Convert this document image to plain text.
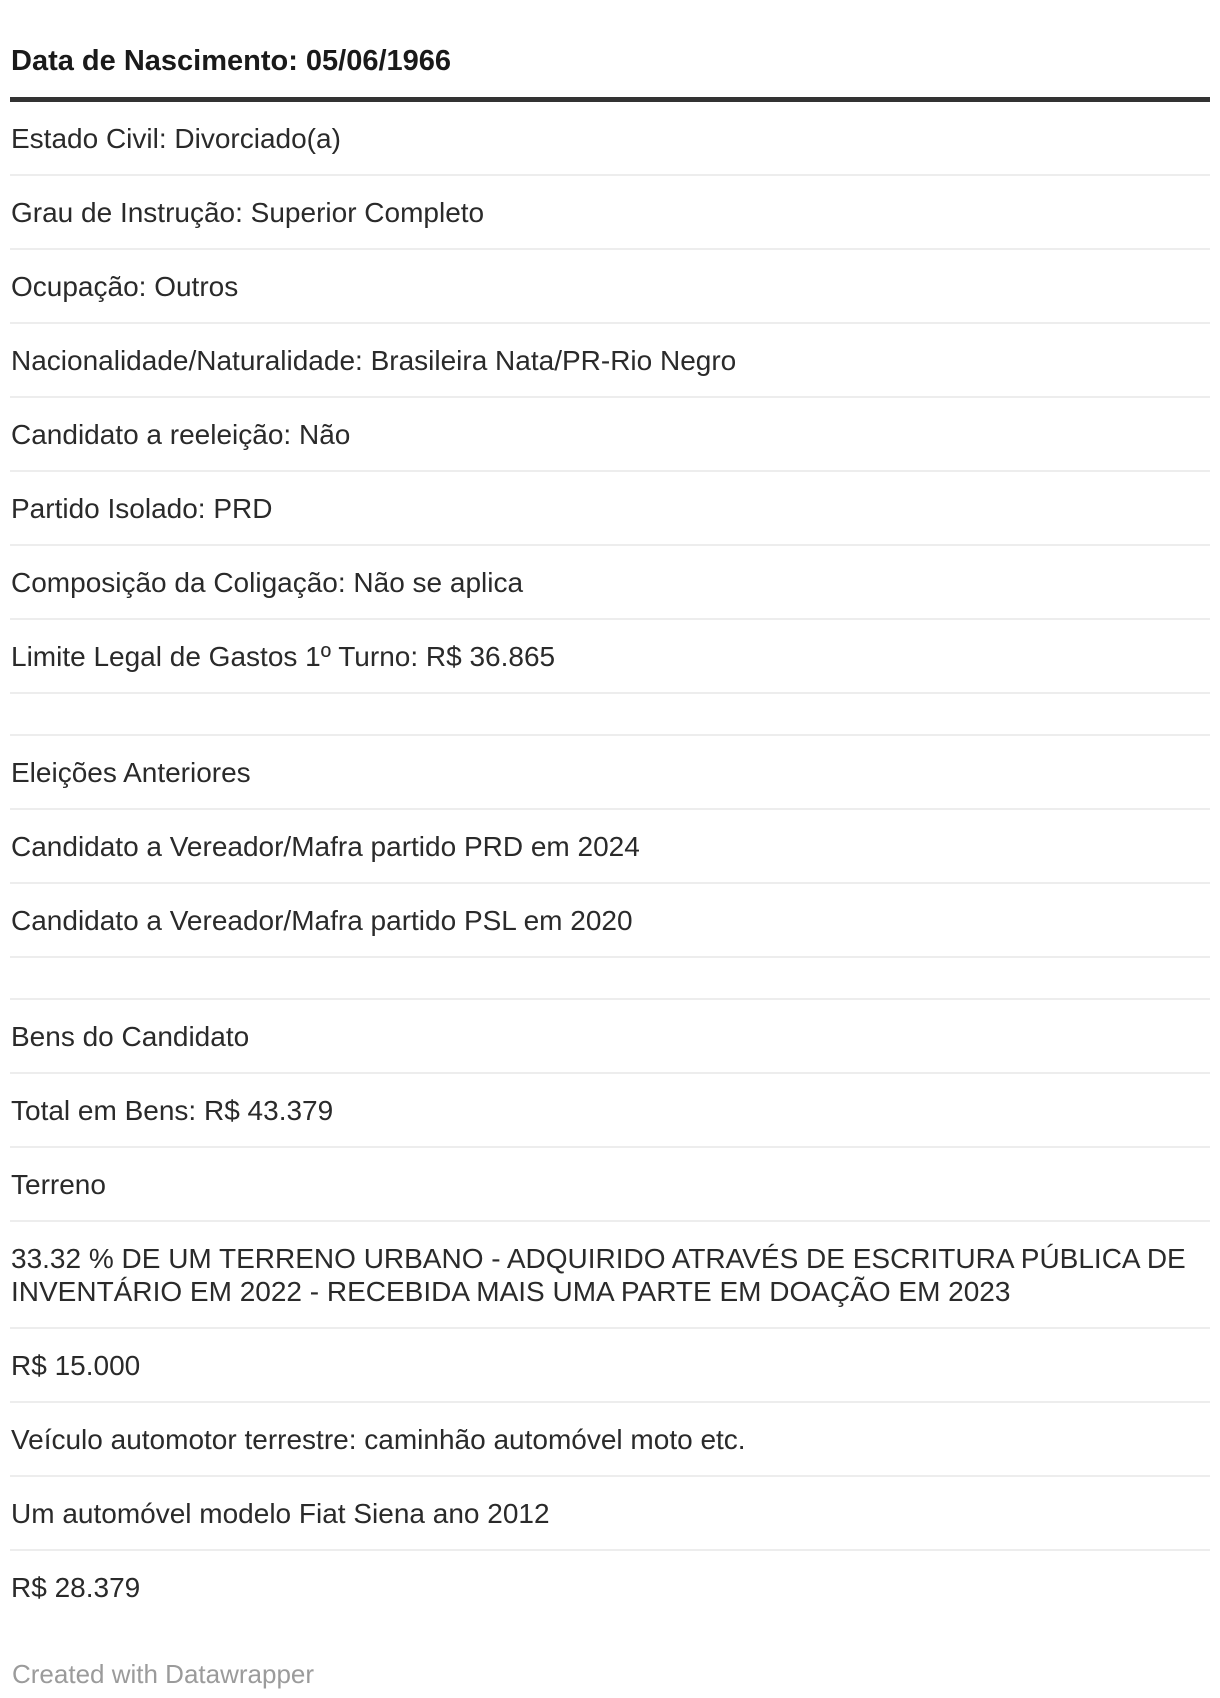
Data de Nascimento: 05/06/1966
Estado Civil: Divorciado(a)
Grau de Instrução: Superior Completo
Ocupação: Outros
Nacionalidade/Naturalidade: Brasileira Nata/PR-Rio Negro
Candidato a reeleição: Não
Partido Isolado: PRD
Composição da Coligação: Não se aplica
Limite Legal de Gastos 1º Turno: R$ 36.865
Eleições Anteriores
Candidato a Vereador/Mafra partido PRD em 2024
Candidato a Vereador/Mafra partido PSL em 2020
Bens do Candidato
Total em Bens: R$ 43.379
Terreno
33.32 % DE UM TERRENO URBANO - ADQUIRIDO ATRAVÉS DE ESCRITURA PÚBLICA DE INVENTÁRIO EM 2022 - RECEBIDA MAIS UMA PARTE EM DOAÇÃO EM 2023
R$ 15.000
Veículo automotor terrestre: caminhão automóvel moto etc.
Um automóvel modelo Fiat Siena ano 2012
R$ 28.379
Created with Datawrapper
